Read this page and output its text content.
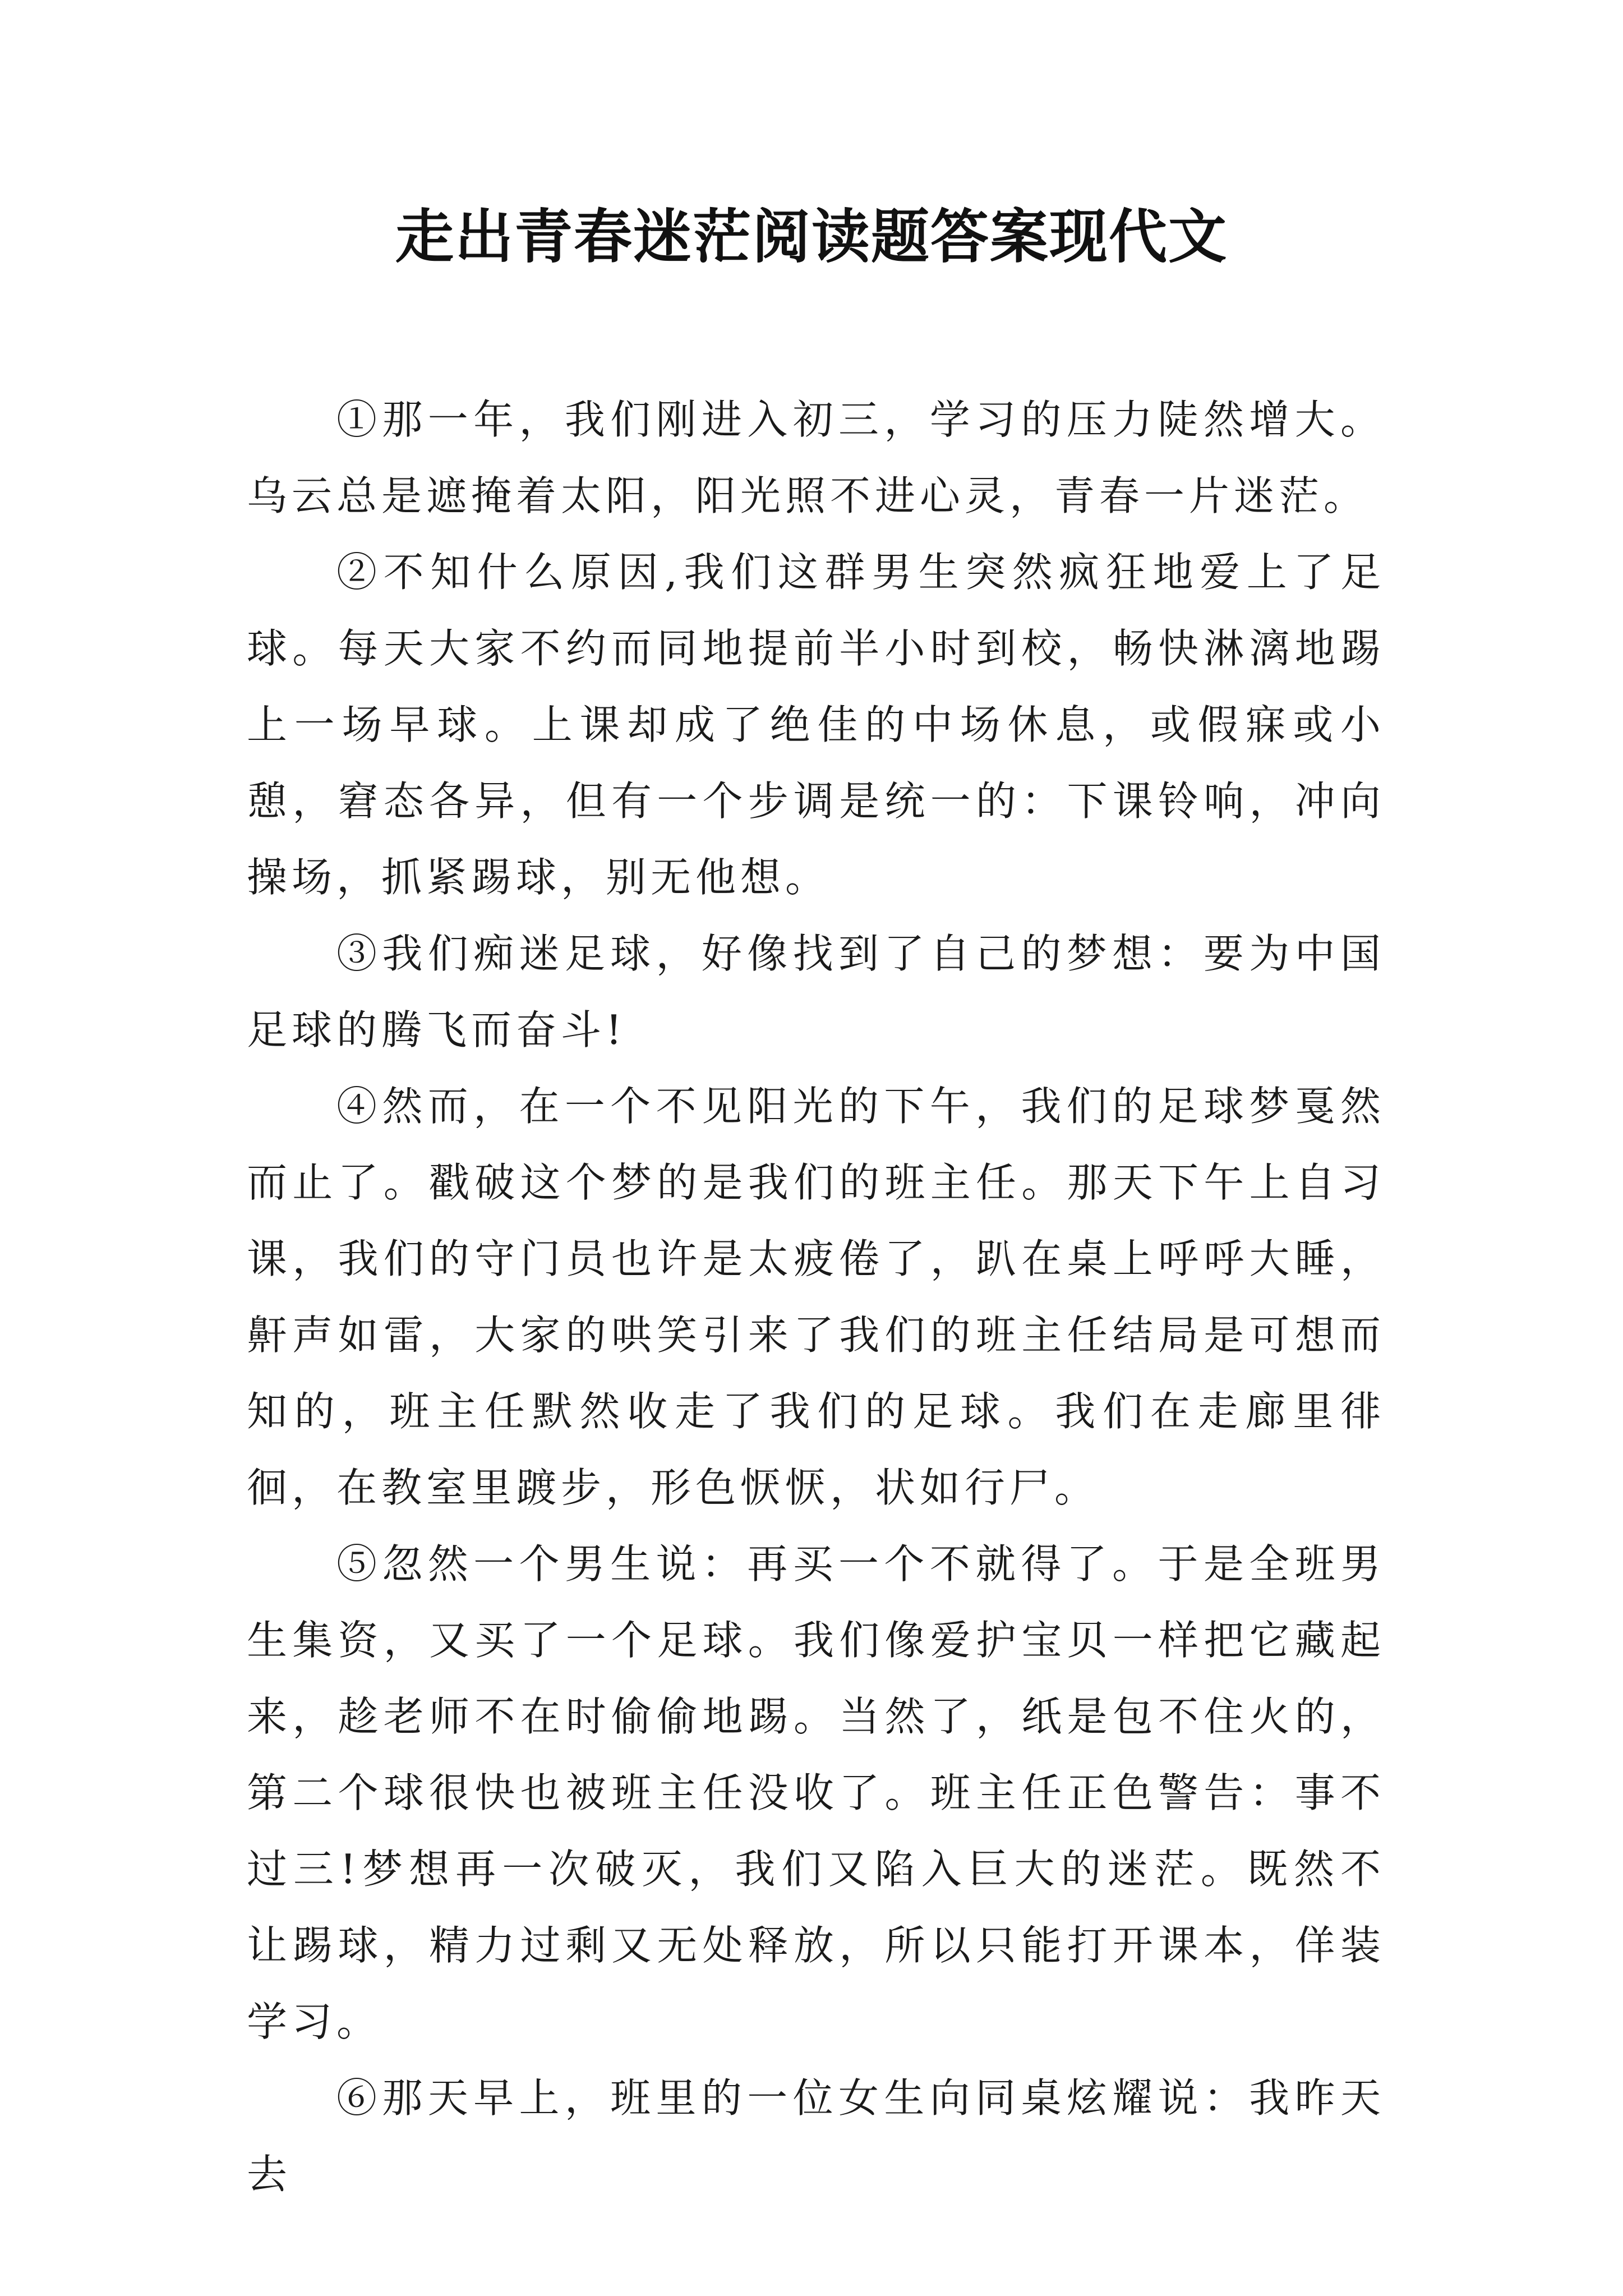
走出青春迷茫阅读题答案现代文

①那一年，我们刚进入初三，学习的压力陡然增大。乌云总是遮掩着太阳，阳光照不进心灵，青春一片迷茫。

②不知什么原因,我们这群男生突然疯狂地爱上了足球。每天大家不约而同地提前半小时到校，畅快淋漓地踢上一场早球。上课却成了绝佳的中场休息，或假寐或小憩，窘态各异，但有一个步调是统一的：下课铃响，冲向操场，抓紧踢球，别无他想。

③我们痴迷足球，好像找到了自己的梦想：要为中国足球的腾飞而奋斗!

④然而，在一个不见阳光的下午，我们的足球梦戛然而止了。戳破这个梦的是我们的班主任。那天下午上自习课，我们的守门员也许是太疲倦了，趴在桌上呼呼大睡，鼾声如雷，大家的哄笑引来了我们的班主任结局是可想而知的，班主任默然收走了我们的足球。我们在走廊里徘徊，在教室里踱步，形色恹恹，状如行尸。

⑤忽然一个男生说：再买一个不就得了。于是全班男生集资，又买了一个足球。我们像爱护宝贝一样把它藏起来，趁老师不在时偷偷地踢。当然了，纸是包不住火的，第二个球很快也被班主任没收了。班主任正色警告：事不过三!梦想再一次破灭，我们又陷入巨大的迷茫。既然不让踢球，精力过剩又无处释放，所以只能打开课本，佯装学习。

⑥那天早上，班里的一位女生向同桌炫耀说：我昨天去
